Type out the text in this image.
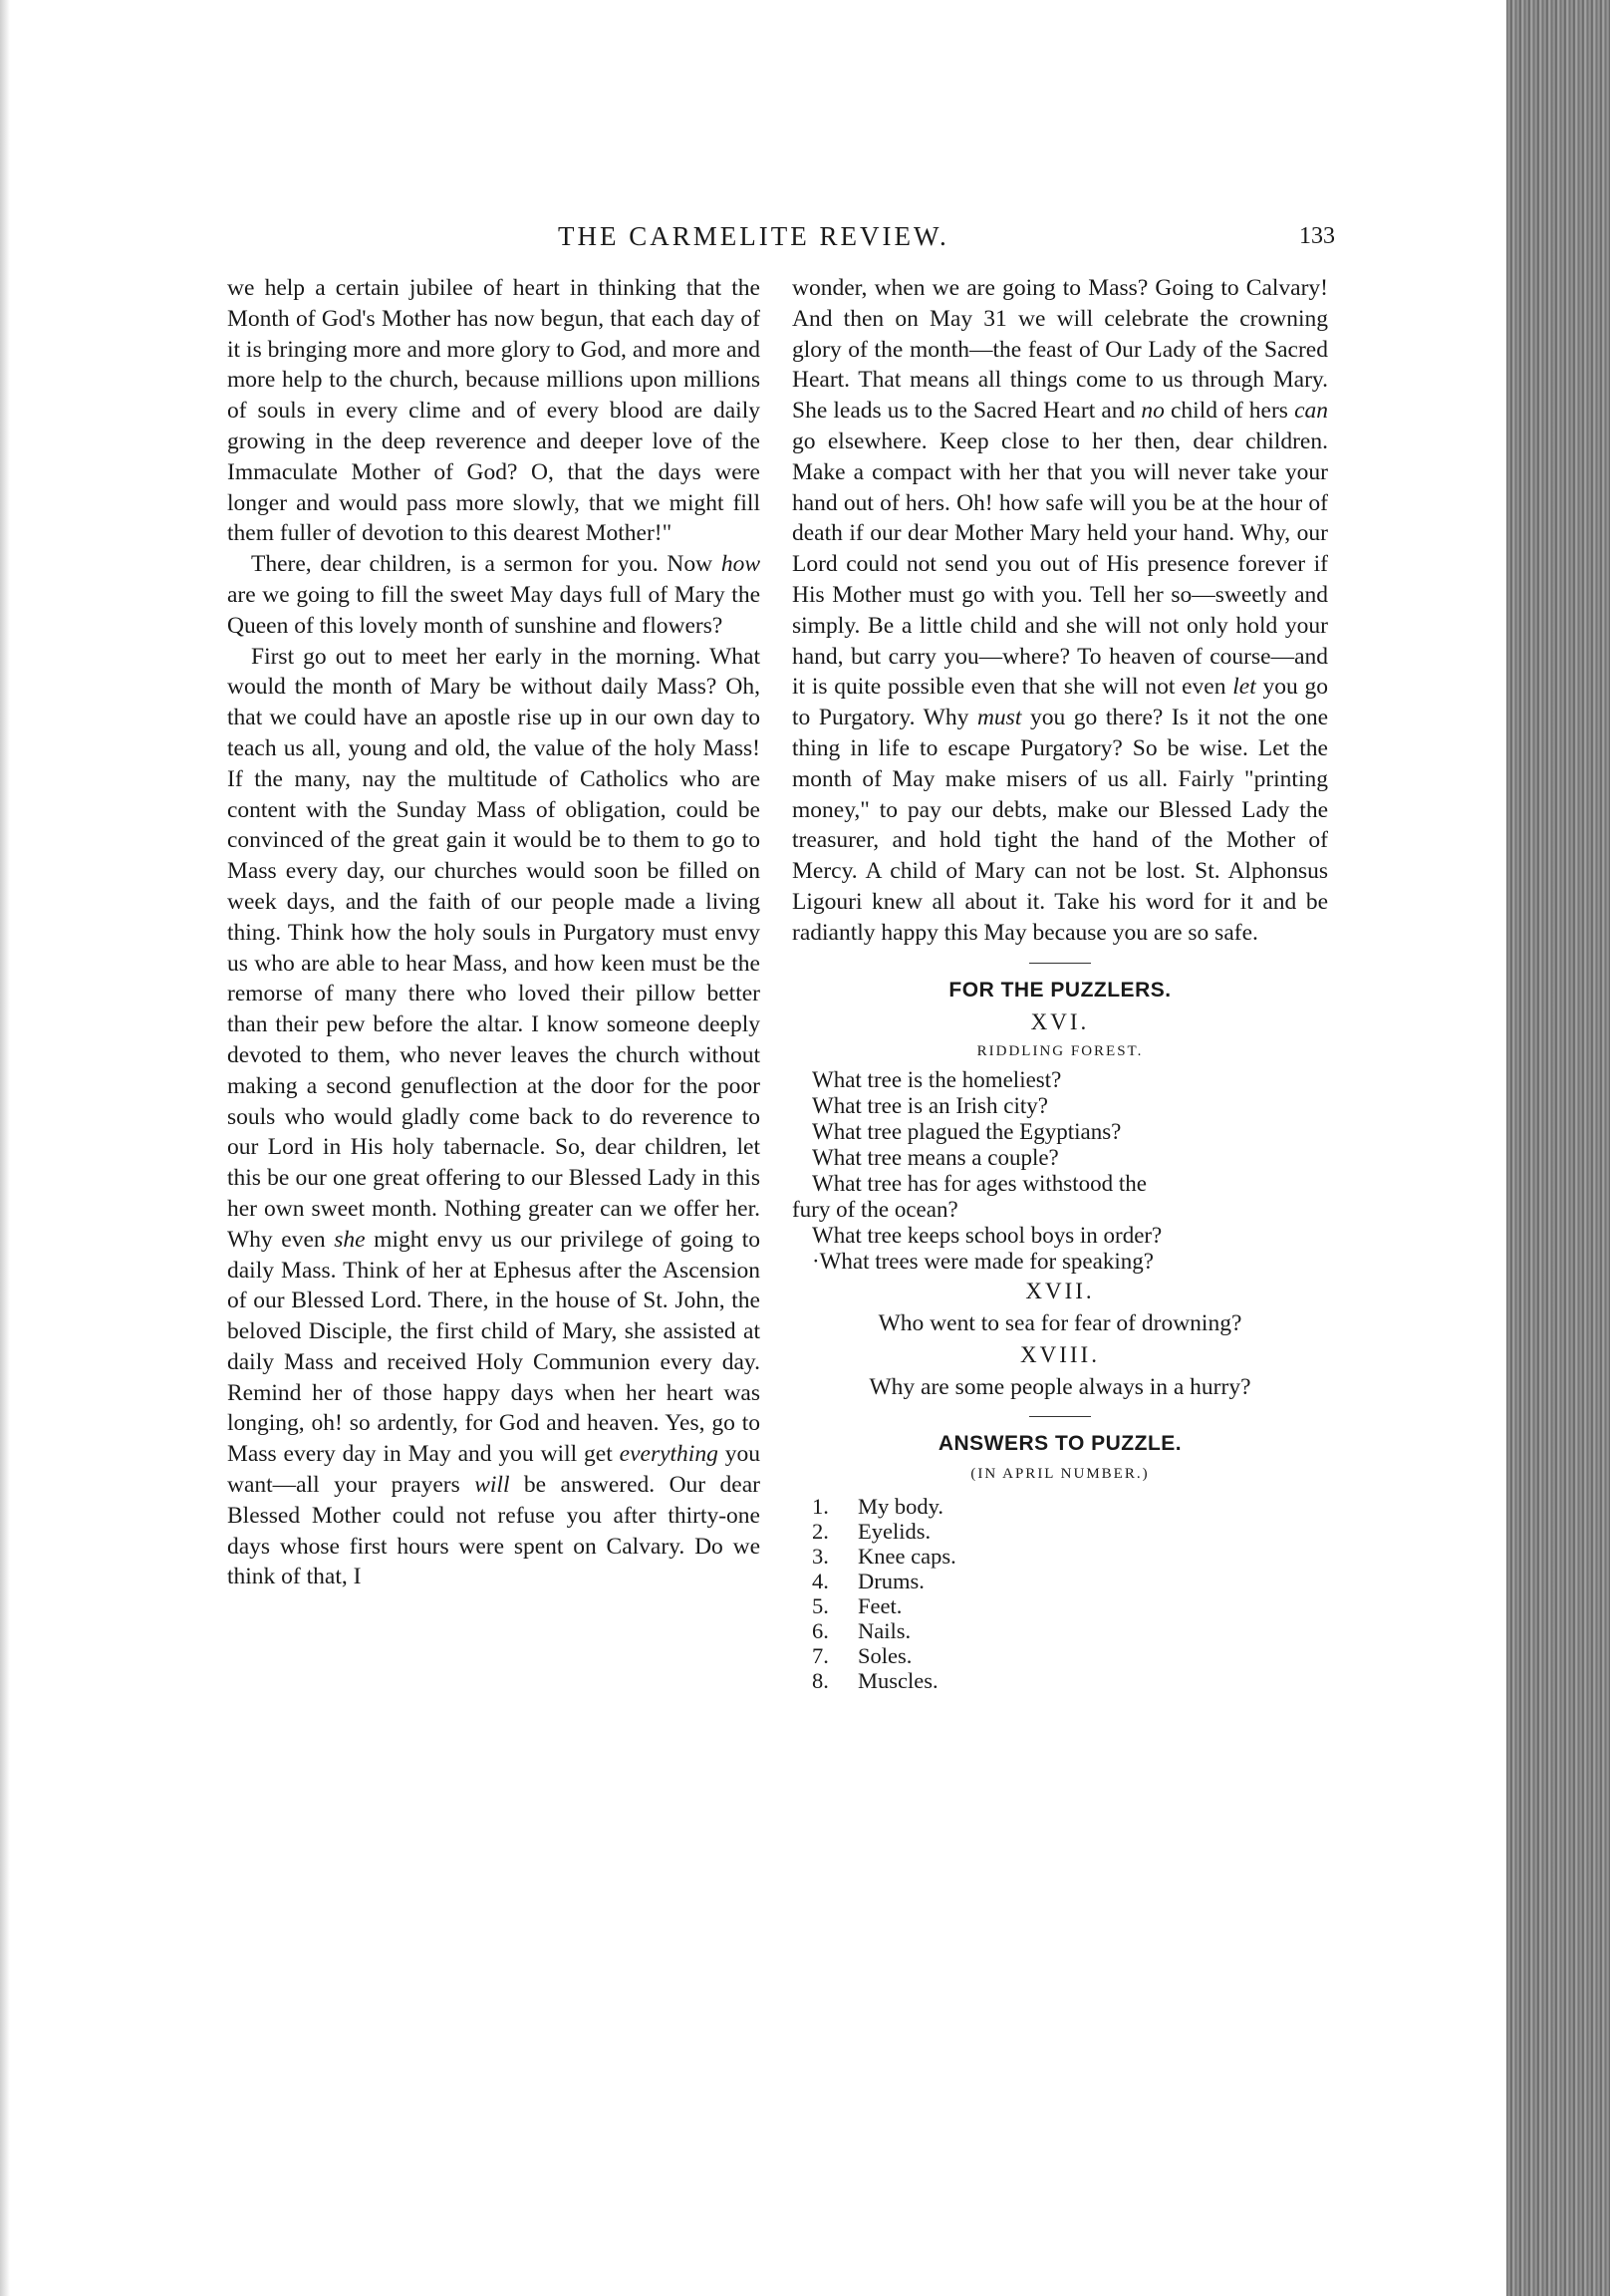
THE CARMELITE REVIEW.	133

we help a certain jubilee of heart in thinking that the Month of God's Mother has now begun, that each day of it is bringing more and more glory to God, and more and more help to the church, because millions upon millions of souls in every clime and of every blood are daily growing in the deep reverence and deeper love of the Immaculate Mother of God? O, that the days were longer and would pass more slowly, that we might fill them fuller of devotion to this dearest Mother!"

There, dear children, is a sermon for you. Now how are we going to fill the sweet May days full of Mary the Queen of this lovely month of sunshine and flowers?

First go out to meet her early in the morning. What would the month of Mary be without daily Mass? Oh, that we could have an apostle rise up in our own day to teach us all, young and old, the value of the holy Mass! If the many, nay the multitude of Catholics who are content with the Sunday Mass of obligation, could be convinced of the great gain it would be to them to go to Mass every day, our churches would soon be filled on week days, and the faith of our people made a living thing. Think how the holy souls in Purgatory must envy us who are able to hear Mass, and how keen must be the remorse of many there who loved their pillow better than their pew before the altar. I know someone deeply devoted to them, who never leaves the church without making a second genuflection at the door for the poor souls who would gladly come back to do reverence to our Lord in His holy tabernacle. So, dear children, let this be our one great offering to our Blessed Lady in this her own sweet month. Nothing greater can we offer her. Why even she might envy us our privilege of going to daily Mass. Think of her at Ephesus after the Ascension of our Blessed Lord. There, in the house of St. John, the beloved Disciple, the first child of Mary, she assisted at daily Mass and received Holy Communion every day. Remind her of those happy days when her heart was longing, oh! so ardently, for God and heaven. Yes, go to Mass every day in May and you will get everything you want—all your prayers will be answered. Our dear Blessed Mother could not refuse you after thirty-one days whose first hours were spent on Calvary. Do we think of that, I

wonder, when we are going to Mass? Going to Calvary! And then on May 31 we will celebrate the crowning glory of the month—the feast of Our Lady of the Sacred Heart. That means all things come to us through Mary. She leads us to the Sacred Heart and no child of hers can go elsewhere. Keep close to her then, dear children. Make a compact with her that you will never take your hand out of hers. Oh! how safe will you be at the hour of death if our dear Mother Mary held your hand. Why, our Lord could not send you out of His presence forever if His Mother must go with you. Tell her so—sweetly and simply. Be a little child and she will not only hold your hand, but carry you—where? To heaven of course—and it is quite possible even that she will not even let you go to Purgatory. Why must you go there? Is it not the one thing in life to escape Purgatory? So be wise. Let the month of May make misers of us all. Fairly "printing money," to pay our debts, make our Blessed Lady the treasurer, and hold tight the hand of the Mother of Mercy. A child of Mary can not be lost. St. Alphonsus Ligouri knew all about it. Take his word for it and be radiantly happy this May because you are so safe.

FOR THE PUZZLERS.
XVI.
RIDDLING FOREST.

What tree is the homeliest?

What tree is an Irish city?

What tree plagued the Egyptians?

What tree means a couple?

What tree has for ages withstood the

fury of the ocean?

What tree keeps school boys in order?

·What trees were made for speaking?

XVII.

Who went to sea for fear of drowning?

XVIII.

Why are some people always in a hurry?

ANSWERS TO PUZZLE.
(IN APRIL NUMBER.)
1. My body.
2. Eyelids.
3. Knee caps.
4. Drums.
5. Feet.
6. Nails.
7. Soles.
8. Muscles.
